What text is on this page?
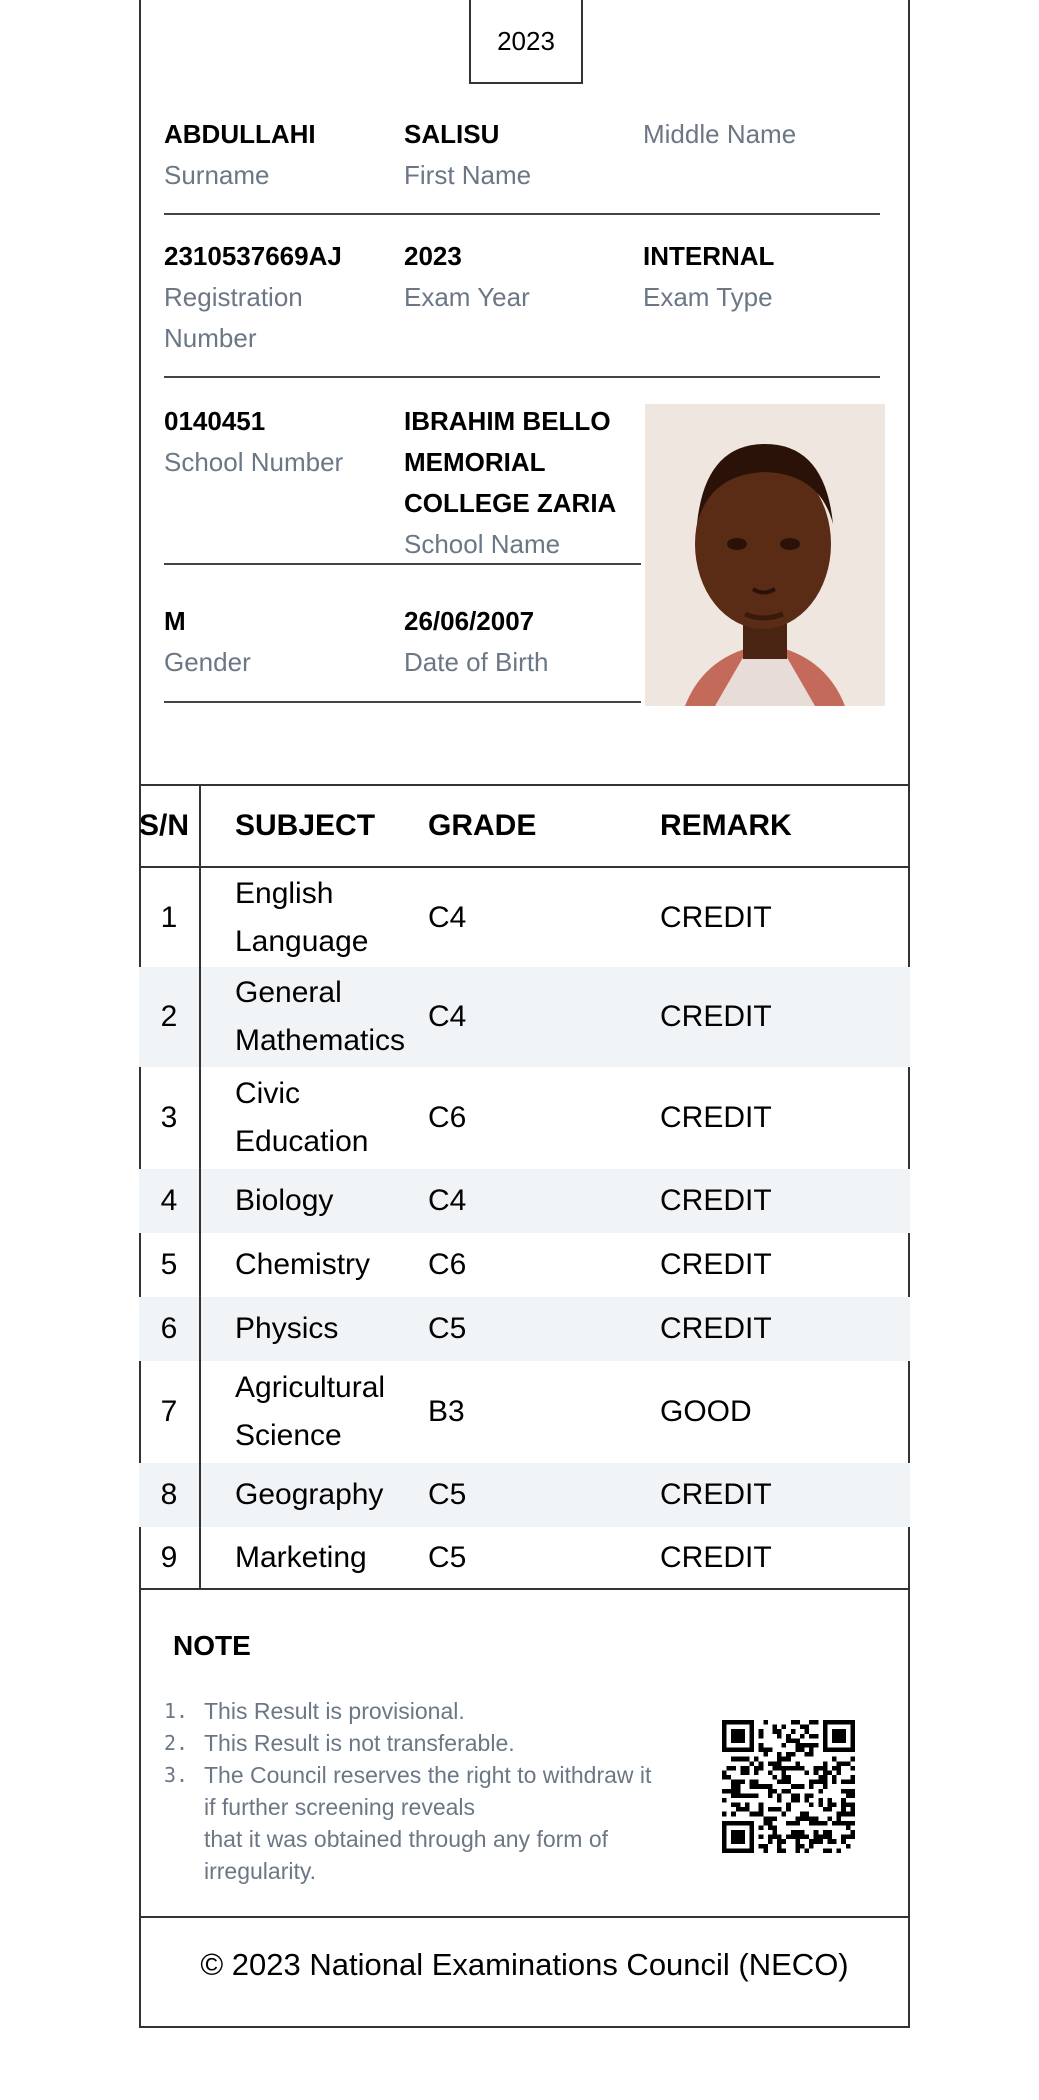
2023
ABDULLAHI
Surname
SALISU
First Name
Middle Name
2310537669AJ
Registration
Number
2023
Exam Year
INTERNAL
Exam Type
0140451
School Number
IBRAHIM BELLO
MEMORIAL
COLLEGE ZARIA
School Name
M
Gender
26/06/2007
Date of Birth
S/N	SUBJECT	GRADE	REMARK
1	English
Language	C4	CREDIT
2	General
Mathematics	C4	CREDIT
3	Civic
Education	C6	CREDIT
4	Biology	C4	CREDIT
5	Chemistry	C6	CREDIT
6	Physics	C5	CREDIT
7	Agricultural
Science	B3	GOOD
8	Geography	C5	CREDIT
9	Marketing	C5	CREDIT
NOTE
1. This Result is provisional.
2. This Result is not transferable.
3. The Council reserves the right to withdraw it
if further screening reveals
that it was obtained through any form of
irregularity.
© 2023 National Examinations Council (NECO)
